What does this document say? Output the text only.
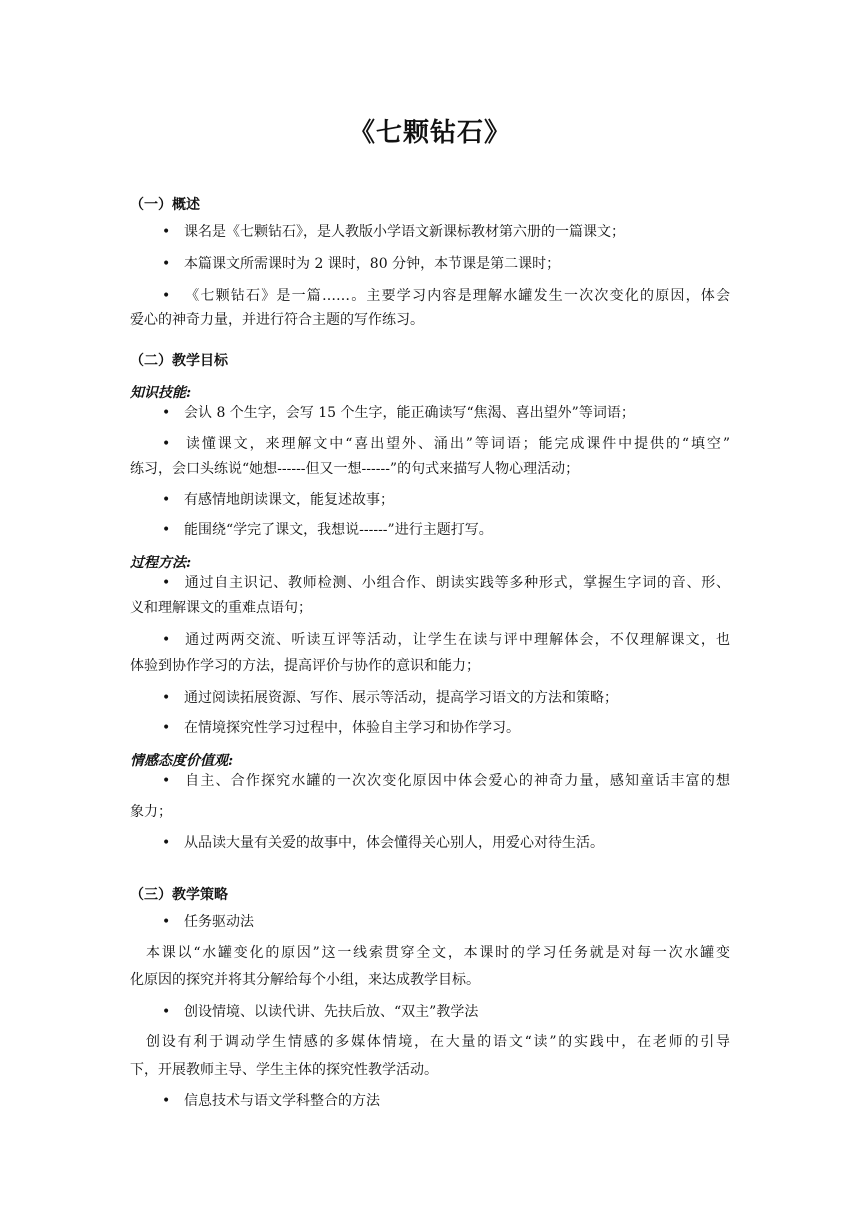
《七颗钻石》
（一）概述
• 课名是《七颗钻石》，是人教版小学语文新课标教材第六册的一篇课文；
• 本篇课文所需课时为 2 课时，80 分钟，本节课是第二课时；
• 《七颗钻石》是一篇……。主要学习内容是理解水罐发生一次次变化的原因，体会
爱心的神奇力量，并进行符合主题的写作练习。
（二）教学目标
知识技能:
• 会认 8 个生字，会写 15 个生字，能正确读写“焦渴、喜出望外”等词语；
• 读懂课文，来理解文中“喜出望外、涌出”等词语；能完成课件中提供的“填空”
练习，会口头练说“她想------但又一想------”的句式来描写人物心理活动；
• 有感情地朗读课文，能复述故事；
• 能围绕“学完了课文，我想说------”进行主题打写。
过程方法:
• 通过自主识记、教师检测、小组合作、朗读实践等多种形式，掌握生字词的音、形、
义和理解课文的重难点语句；
• 通过两两交流、听读互评等活动，让学生在读与评中理解体会，不仅理解课文，也
体验到协作学习的方法，提高评价与协作的意识和能力；
• 通过阅读拓展资源、写作、展示等活动，提高学习语文的方法和策略；
• 在情境探究性学习过程中，体验自主学习和协作学习。
情感态度价值观:
• 自主、合作探究水罐的一次次变化原因中体会爱心的神奇力量，感知童话丰富的想
象力；
• 从品读大量有关爱的故事中，体会懂得关心别人，用爱心对待生活。
（三）教学策略
• 任务驱动法
本课以“水罐变化的原因”这一线索贯穿全文，本课时的学习任务就是对每一次水罐变
化原因的探究并将其分解给每个小组，来达成教学目标。
• 创设情境、以读代讲、先扶后放、“双主”教学法
创设有利于调动学生情感的多媒体情境，在大量的语文“读”的实践中，在老师的引导
下，开展教师主导、学生主体的探究性教学活动。
• 信息技术与语文学科整合的方法
